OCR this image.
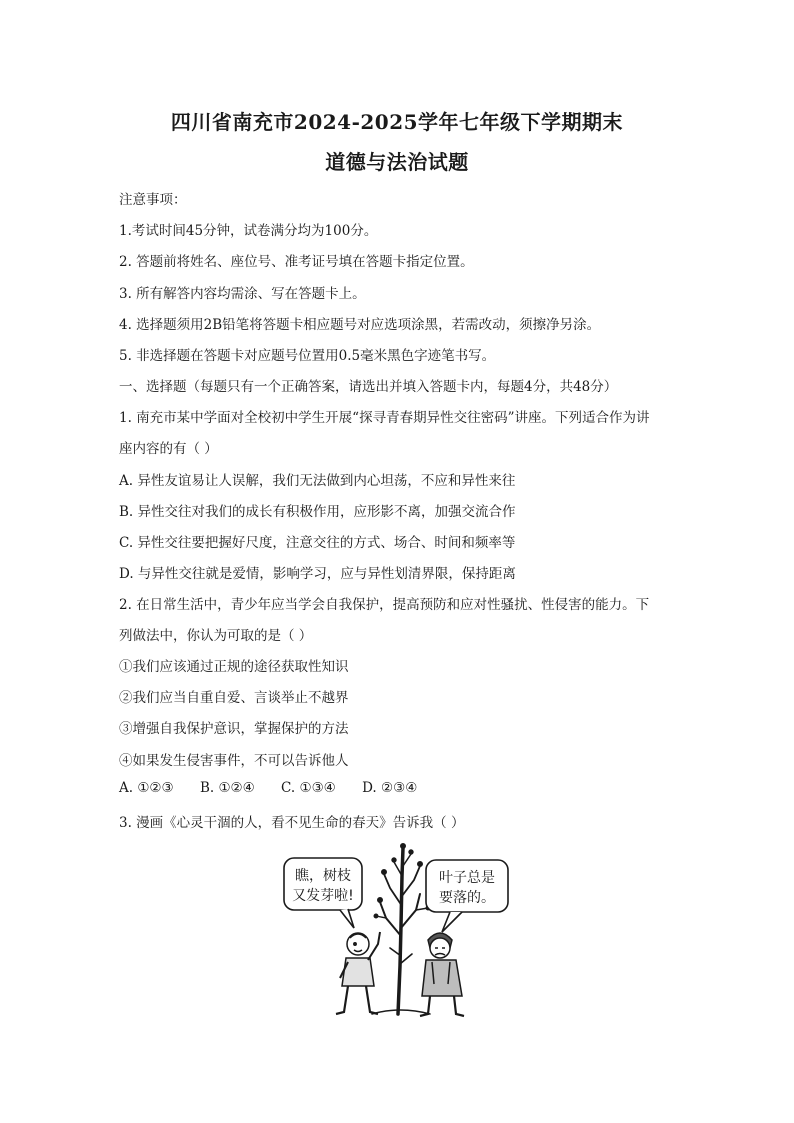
四川省南充市2024-2025学年七年级下学期期末
道德与法治试题
注意事项：
1.考试时间45分钟，试卷满分均为100分。
2. 答题前将姓名、座位号、准考证号填在答题卡指定位置。
3. 所有解答内容均需涂、写在答题卡上。
4. 选择题须用2B铅笔将答题卡相应题号对应选项涂黑，若需改动，须擦净另涂。
5. 非选择题在答题卡对应题号位置用0.5毫米黑色字迹笔书写。
一、选择题（每题只有一个正确答案，请选出并填入答题卡内，每题4分，共48分）
1. 南充市某中学面对全校初中学生开展“探寻青春期异性交往密码”讲座。下列适合作为讲
座内容的有（ ）
A. 异性友谊易让人误解，我们无法做到内心坦荡，不应和异性来往
B. 异性交往对我们的成长有积极作用，应形影不离，加强交流合作
C. 异性交往要把握好尺度，注意交往的方式、场合、时间和频率等
D. 与异性交往就是爱情，影响学习，应与异性划清界限，保持距离
2. 在日常生活中，青少年应当学会自我保护，提高预防和应对性骚扰、性侵害的能力。下
列做法中，你认为可取的是（ ）
①我们应该通过正规的途径获取性知识
②我们应当自重自爱、言谈举止不越界
③增强自我保护意识，掌握保护的方法
④如果发生侵害事件，不可以告诉他人
A. ①②③ B. ①②④ C. ①③④ D. ②③④
3. 漫画《心灵干涸的人，看不见生命的春天》告诉我（ ）
瞧，树枝
又发芽啦!
叶子总是
要落的。
